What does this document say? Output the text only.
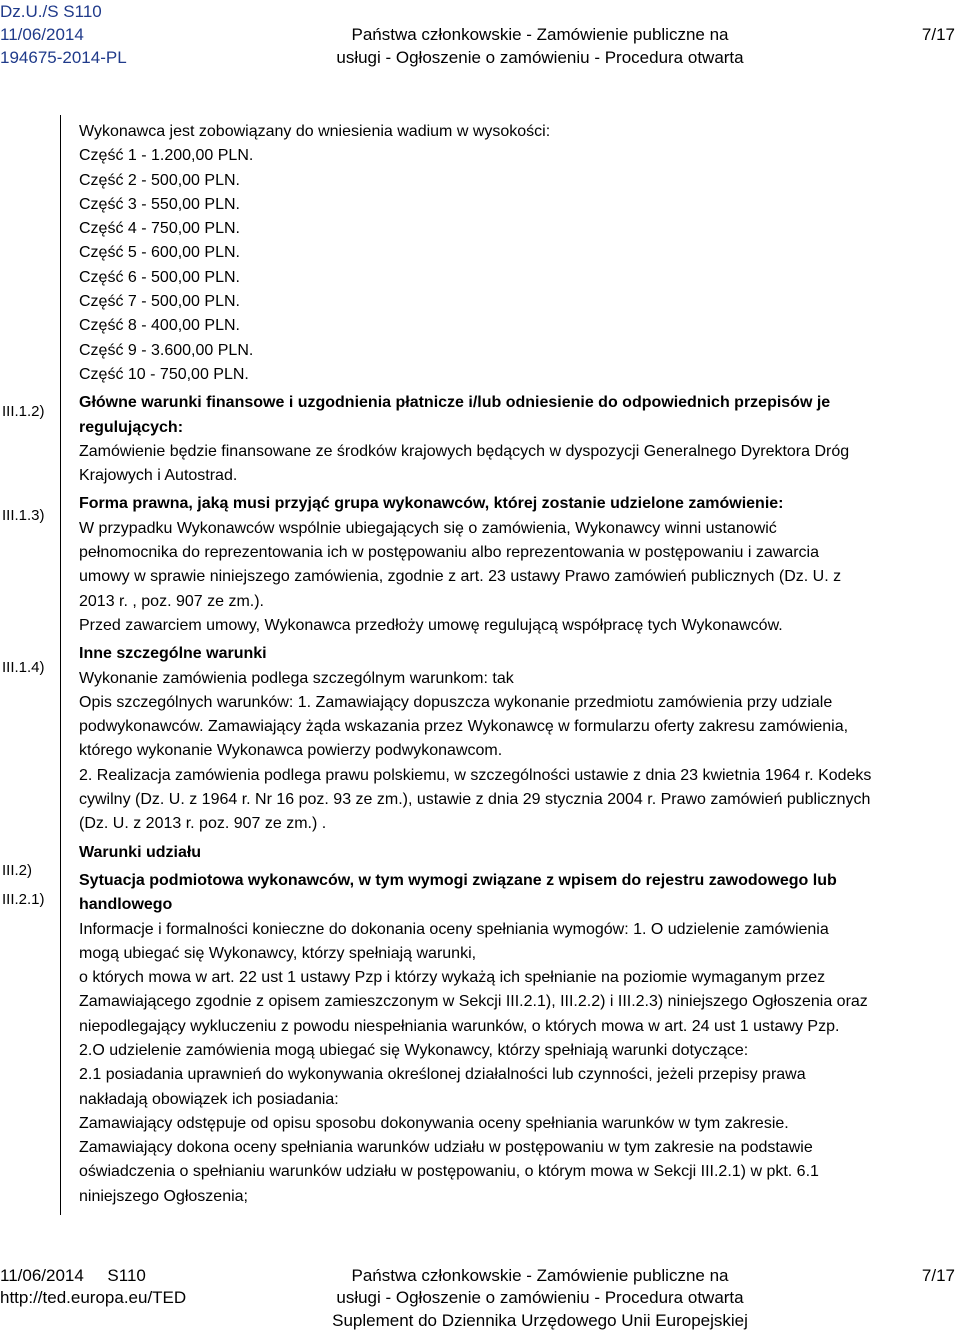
Dz.U./S S110
11/06/2014
194675-2014-PL
Państwa członkowskie - Zamówienie publiczne na
usługi - Ogłoszenie o zamówieniu - Procedura otwarta
7/17
III.1.2)
III.1.3)
III.1.4)
III.2)
III.2.1)

Wykonawca jest zobowiązany do wniesienia wadium w wysokości:

Część 1 - 1.200,00 PLN.

Część 2 - 500,00 PLN.

Część 3 - 550,00 PLN.

Część 4 - 750,00 PLN.

Część 5 - 600,00 PLN.

Część 6 - 500,00 PLN.

Część 7 - 500,00 PLN.

Część 8 - 400,00 PLN.

Część 9 - 3.600,00 PLN.

Część 10 - 750,00 PLN.

Główne warunki finansowe i uzgodnienia płatnicze i/lub odniesienie do odpowiednich przepisów je

regulujących:

Zamówienie będzie finansowane ze środków krajowych będących w dyspozycji Generalnego Dyrektora Dróg

Krajowych i Autostrad.

Forma prawna, jaką musi przyjąć grupa wykonawców, której zostanie udzielone zamówienie:

W przypadku Wykonawców wspólnie ubiegających się o zamówienia, Wykonawcy winni ustanowić

pełnomocnika do reprezentowania ich w postępowaniu albo reprezentowania w postępowaniu i zawarcia

umowy w sprawie niniejszego zamówienia, zgodnie z art. 23 ustawy Prawo zamówień publicznych (Dz. U. z

2013 r. , poz. 907 ze zm.).

Przed zawarciem umowy, Wykonawca przedłoży umowę regulującą współpracę tych Wykonawców.

Inne szczególne warunki

Wykonanie zamówienia podlega szczególnym warunkom: tak

Opis szczególnych warunków: 1. Zamawiający dopuszcza wykonanie przedmiotu zamówienia przy udziale

podwykonawców. Zamawiający żąda wskazania przez Wykonawcę w formularzu oferty zakresu zamówienia,

którego wykonanie Wykonawca powierzy podwykonawcom.

2. Realizacja zamówienia podlega prawu polskiemu, w szczególności ustawie z dnia 23 kwietnia 1964 r. Kodeks

cywilny (Dz. U. z 1964 r. Nr 16 poz. 93 ze zm.), ustawie z dnia 29 stycznia 2004 r. Prawo zamówień publicznych

(Dz. U. z 2013 r. poz. 907 ze zm.) .

Warunki udziału

Sytuacja podmiotowa wykonawców, w tym wymogi związane z wpisem do rejestru zawodowego lub

handlowego

Informacje i formalności konieczne do dokonania oceny spełniania wymogów: 1. O udzielenie zamówienia

mogą ubiegać się Wykonawcy, którzy spełniają warunki,

o których mowa w art. 22 ust 1 ustawy Pzp i którzy wykażą ich spełnianie na poziomie wymaganym przez

Zamawiającego zgodnie z opisem zamieszczonym w Sekcji III.2.1), III.2.2) i III.2.3) niniejszego Ogłoszenia oraz

niepodlegający wykluczeniu z powodu niespełniania warunków, o których mowa w art. 24 ust 1 ustawy Pzp.

2.O udzielenie zamówienia mogą ubiegać się Wykonawcy, którzy spełniają warunki dotyczące:

2.1 posiadania uprawnień do wykonywania określonej działalności lub czynności, jeżeli przepisy prawa

nakładają obowiązek ich posiadania:

Zamawiający odstępuje od opisu sposobu dokonywania oceny spełniania warunków w tym zakresie.

Zamawiający dokona oceny spełniania warunków udziału w postępowaniu w tym zakresie na podstawie

oświadczenia o spełnianiu warunków udziału w postępowaniu, o którym mowa w Sekcji III.2.1) w pkt. 6.1

niniejszego Ogłoszenia;

11/06/2014     S110
http://ted.europa.eu/TED
Państwa członkowskie - Zamówienie publiczne na
usługi - Ogłoszenie o zamówieniu - Procedura otwarta
Suplement do Dziennika Urzędowego Unii Europejskiej
7/17
